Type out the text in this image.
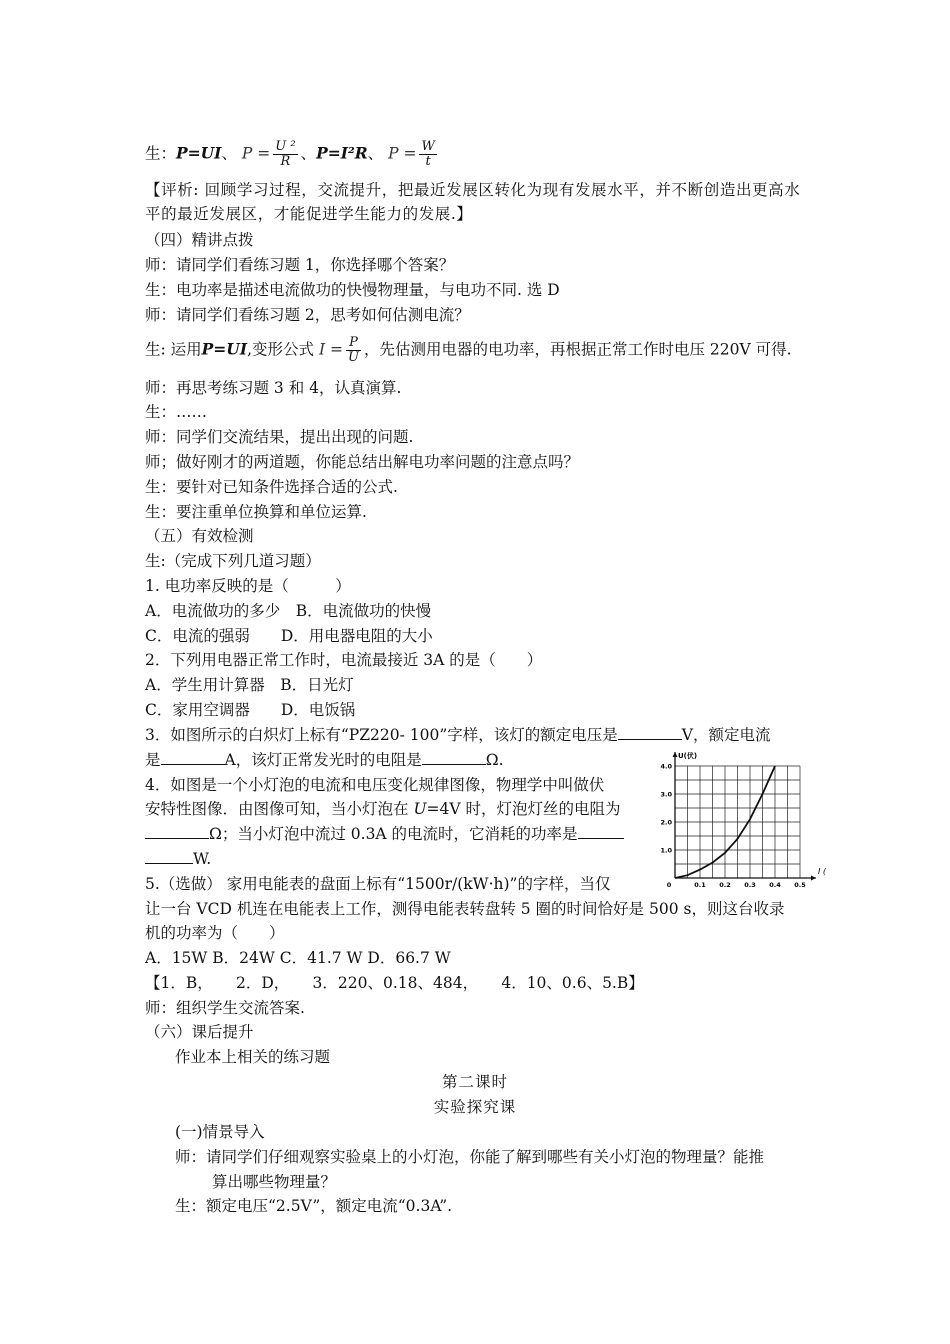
生：P=UI、 $P = \frac{\text{U ²}}{R}$ 、P=I²R、 $P = \frac{W}{t}$
【评析: 回顾学习过程，交流提升，把最近发展区转化为现有发展水平，并不断创造出更高水
平的最近发展区，才能促进学生能力的发展.】
（四）精讲点拨
师：请同学们看练习题 1，你选择哪个答案？
生：电功率是描述电流做功的快慢物理量，与电功不同. 选 D
师：请同学们看练习题 2，思考如何估测电流？
生: 运用P=UI,变形公式 $I = \frac{P}{U}$ ，先估测用电器的电功率，再根据正常工作时电压 220V 可得.
师：再思考练习题 3 和 4，认真演算.
生：……
师：同学们交流结果，提出出现的问题.
师；做好刚才的两道题，你能总结出解电功率问题的注意点吗？
生：要针对已知条件选择合适的公式.
生：要注重单位换算和单位运算.
（五）有效检测
生:（完成下列几道习题）
1. 电功率反映的是（　　　）
A．电流做功的多少　B．电流做功的快慢
C．电流的强弱　　D．用电器电阻的大小
2．下列用电器正常工作时，电流最接近 3A 的是（　　）
A．学生用计算器　B．日光灯
C．家用空调器　　D．电饭锅
3．如图所示的白炽灯上标有“PZ220- 100”字样，该灯的额定电压是	V，额定电流
是	A，该灯正常发光时的电阻是	Ω.
4．如图是一个小灯泡的电流和电压变化规律图像，物理学中叫做伏
安特性图像．由图像可知，当小灯泡在 U=4V 时，灯泡灯丝的电阻为
Ω；当小灯泡中流过 0.3A 的电流时，它消耗的功率是
W.
5.（选做） 家用电能表的盘面上标有“1500r/(kW·h)”的字样，当仅
让一台 VCD 机连在电能表上工作，测得电能表转盘转 5 圈的时间恰好是 500 s，则这台收录
机的功率为（　　）
A．15W B．24W C．41.7 W D．66.7 W
【1．B，　　2．D，　　3．220、0.18、484，　　4．10、0.6、5.B】
师：组织学生交流答案.
（六）课后提升
作业本上相关的练习题
第二课时
实验探究课
(一)情景导入
师：请同学们仔细观察实验桌上的小灯泡，你能了解到哪些有关小灯泡的物理量？能推
算出哪些物理量？
生：额定电压“2.5V”，额定电流“0.3A”.
0	0.1 0.2 0.3 0.4 0.5
1.0
2.0
3.0
4.0
U(伏)
I (
